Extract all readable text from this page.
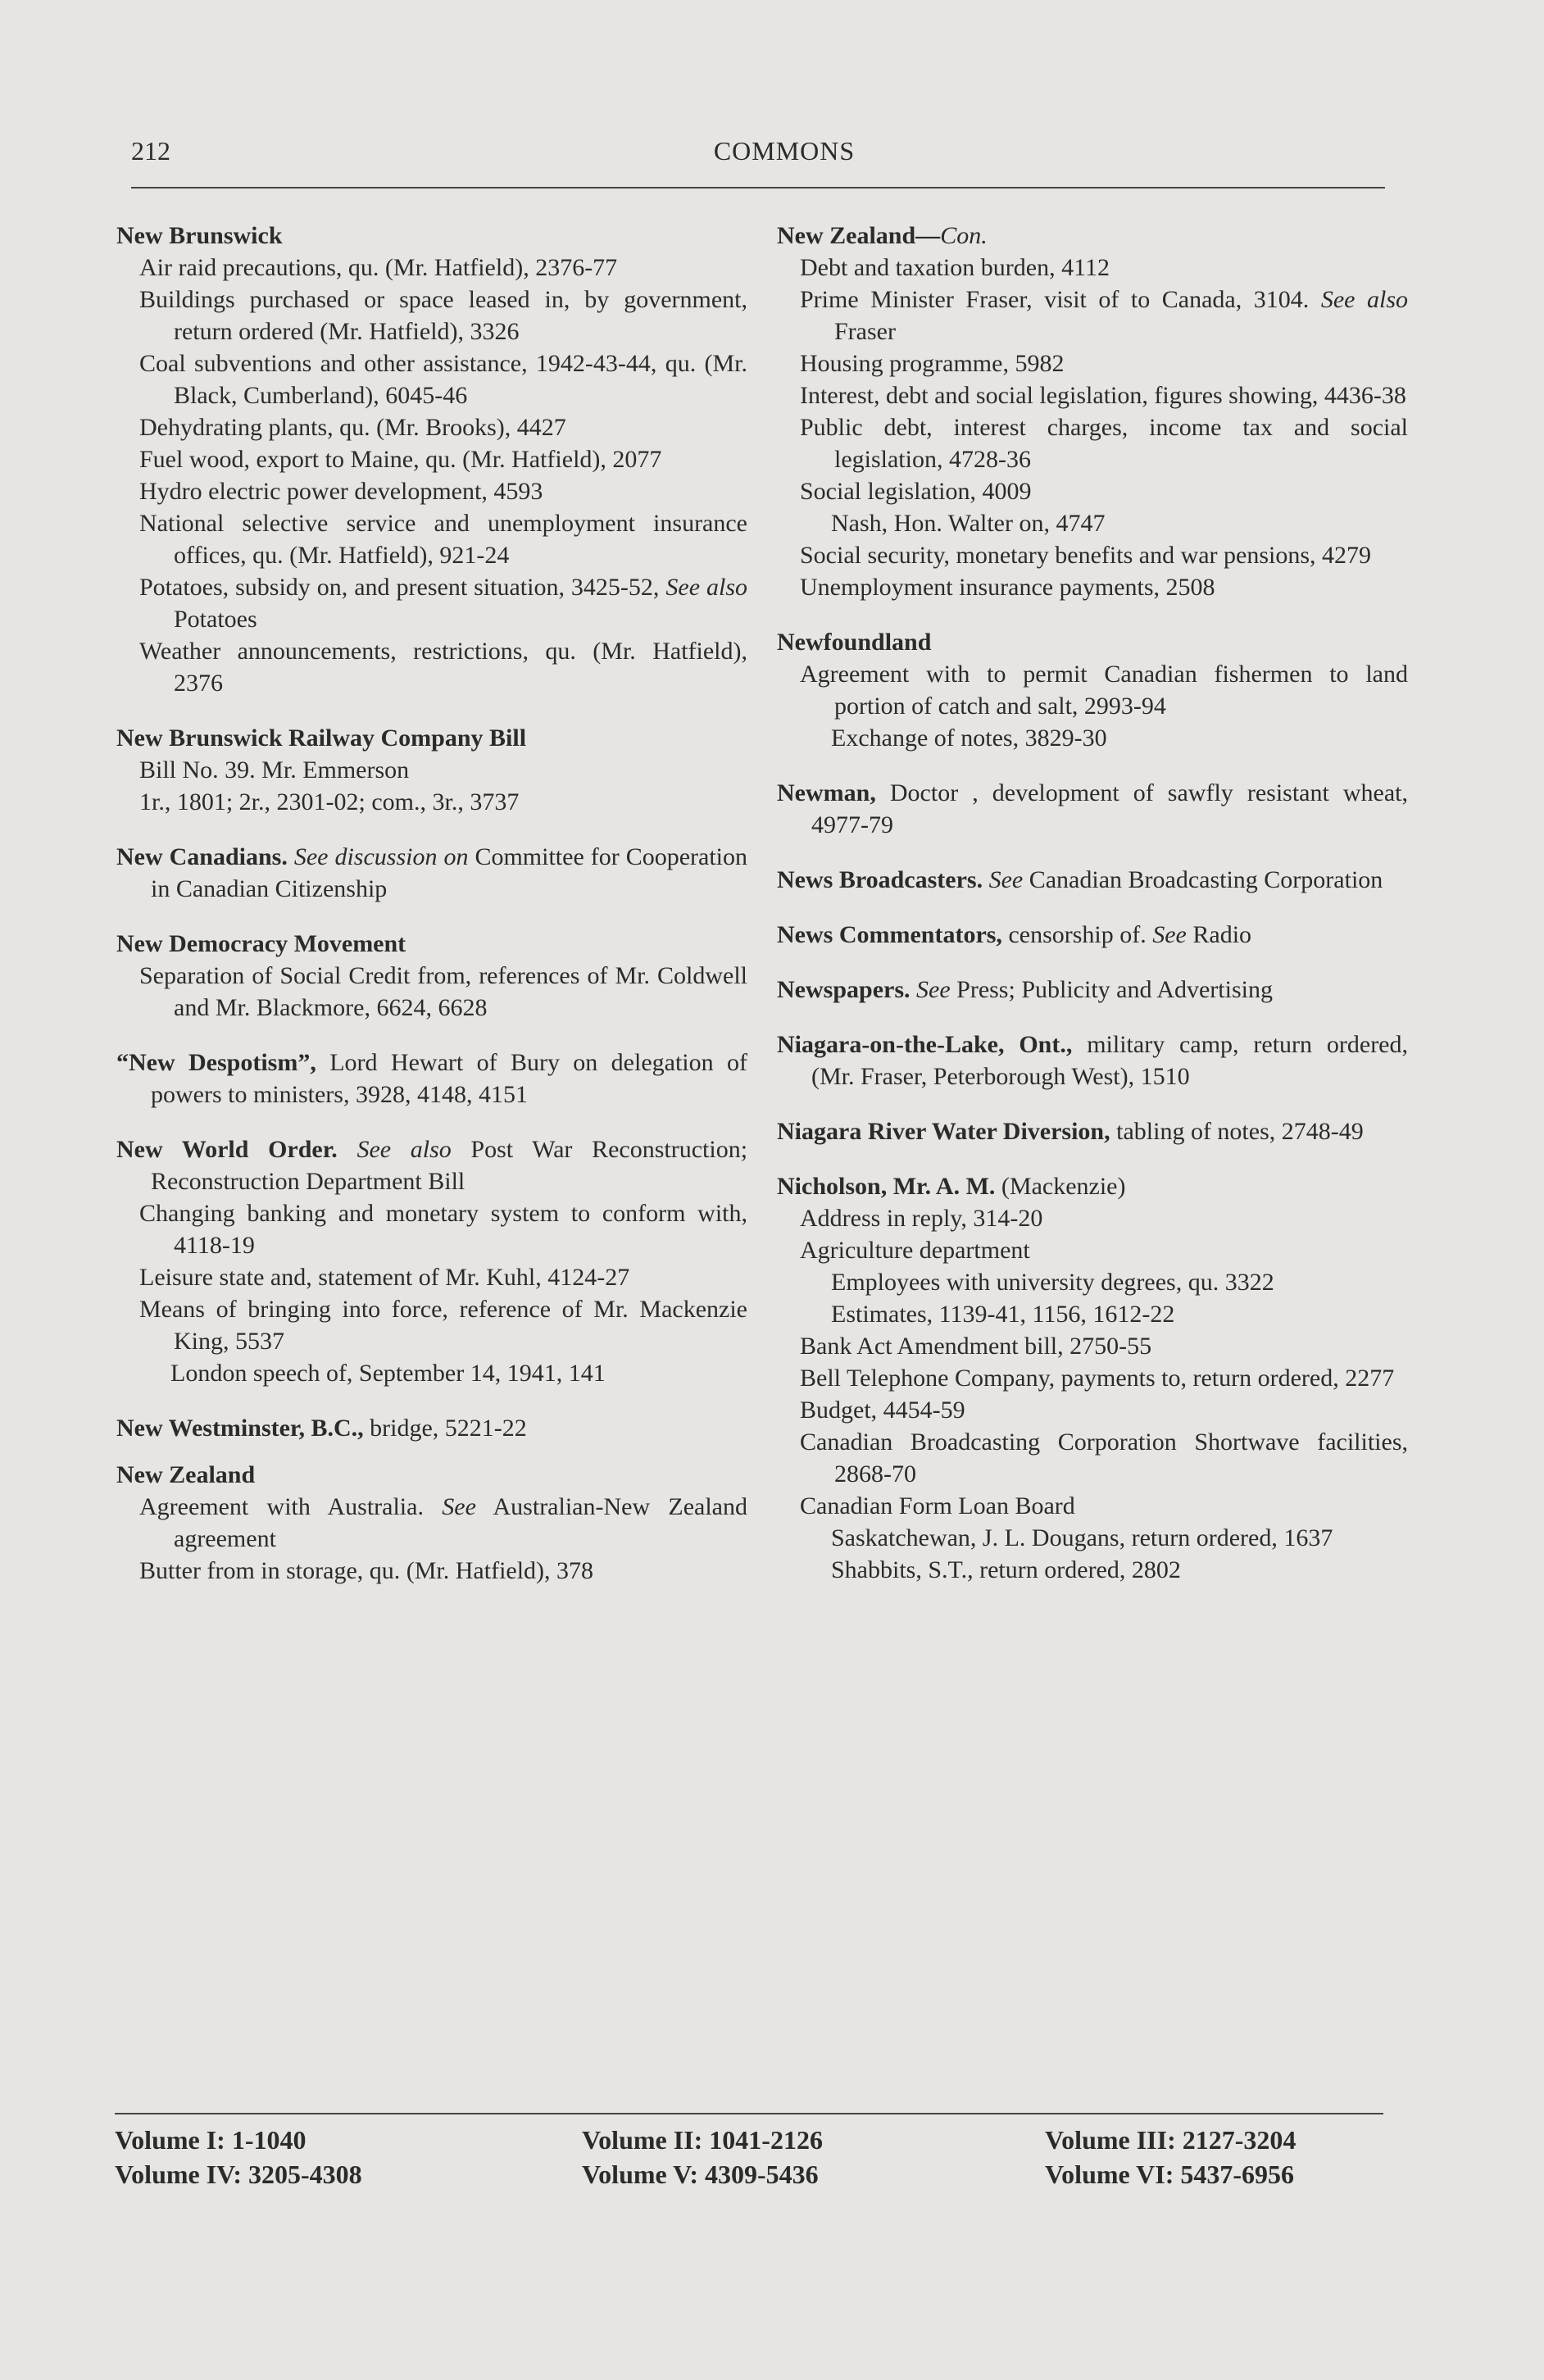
212	COMMONS
New Brunswick
Air raid precautions, qu. (Mr. Hatfield), 2376-77
Buildings purchased or space leased in, by government, return ordered (Mr. Hatfield), 3326
Coal subventions and other assistance, 1942-43-44, qu. (Mr. Black, Cumberland), 6045-46
Dehydrating plants, qu. (Mr. Brooks), 4427
Fuel wood, export to Maine, qu. (Mr. Hatfield), 2077
Hydro electric power development, 4593
National selective service and unemployment insurance offices, qu. (Mr. Hatfield), 921-24
Potatoes, subsidy on, and present situation, 3425-52, See also Potatoes
Weather announcements, restrictions, qu. (Mr. Hatfield), 2376
New Brunswick Railway Company Bill
Bill No. 39. Mr. Emmerson
1r., 1801; 2r., 2301-02; com., 3r., 3737
New Canadians. See discussion on Committee for Cooperation in Canadian Citizenship
New Democracy Movement
Separation of Social Credit from, references of Mr. Coldwell and Mr. Blackmore, 6624, 6628
“New Despotism”, Lord Hewart of Bury on delegation of powers to ministers, 3928, 4148, 4151
New World Order. See also Post War Reconstruction; Reconstruction Department Bill
Changing banking and monetary system to conform with, 4118-19
Leisure state and, statement of Mr. Kuhl, 4124-27
Means of bringing into force, reference of Mr. Mackenzie King, 5537
London speech of, September 14, 1941, 141
New Westminster, B.C., bridge, 5221-22
New Zealand
Agreement with Australia. See Australian-New Zealand agreement
Butter from in storage, qu. (Mr. Hatfield), 378
New Zealand—Con.
Debt and taxation burden, 4112
Prime Minister Fraser, visit of to Canada, 3104. See also Fraser
Housing programme, 5982
Interest, debt and social legislation, figures showing, 4436-38
Public debt, interest charges, income tax and social legislation, 4728-36
Social legislation, 4009
Nash, Hon. Walter on, 4747
Social security, monetary benefits and war pensions, 4279
Unemployment insurance payments, 2508
Newfoundland
Agreement with to permit Canadian fishermen to land portion of catch and salt, 2993-94
Exchange of notes, 3829-30
Newman, Doctor , development of sawfly resistant wheat, 4977-79
News Broadcasters. See Canadian Broadcasting Corporation
News Commentators, censorship of. See Radio
Newspapers. See Press; Publicity and Advertising
Niagara-on-the-Lake, Ont., military camp, return ordered, (Mr. Fraser, Peterborough West), 1510
Niagara River Water Diversion, tabling of notes, 2748-49
Nicholson, Mr. A. M. (Mackenzie)
Address in reply, 314-20
Agriculture department
Employees with university degrees, qu. 3322
Estimates, 1139-41, 1156, 1612-22
Bank Act Amendment bill, 2750-55
Bell Telephone Company, payments to, return ordered, 2277
Budget, 4454-59
Canadian Broadcasting Corporation Shortwave facilities, 2868-70
Canadian Form Loan Board
Saskatchewan, J. L. Dougans, return ordered, 1637
Shabbits, S.T., return ordered, 2802
Volume I: 1-1040
Volume IV: 3205-4308
Volume II: 1041-2126
Volume V: 4309-5436
Volume III: 2127-3204
Volume VI: 5437-6956
